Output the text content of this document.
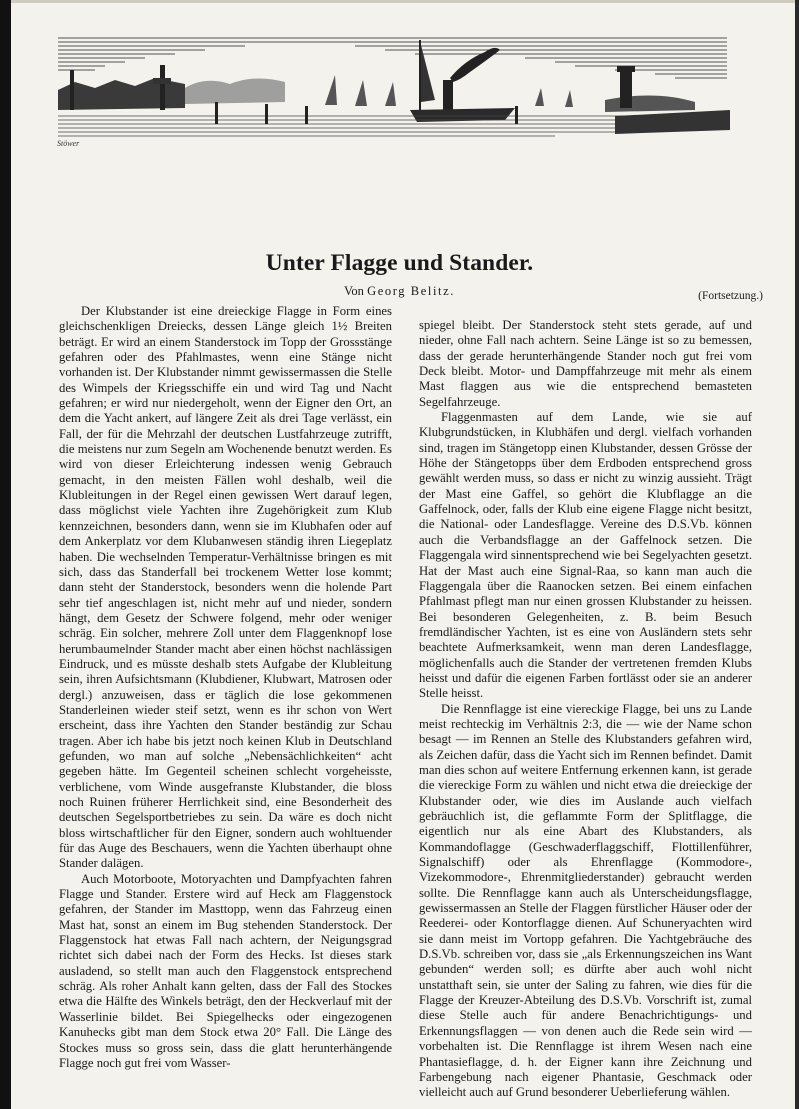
Stöwer
Unter Flagge und Stander.

Von Georg Belitz.	(Fortsetzung.)

Der Klubstander ist eine dreieckige Flagge in Form eines gleichschenkligen Dreiecks, dessen Länge gleich 1½ Breiten beträgt. Er wird an einem Standerstock im Topp der Grossstänge gefahren oder des Pfahlmastes, wenn eine Stänge nicht vorhanden ist. Der Klubstander nimmt gewissermassen die Stelle des Wimpels der Kriegsschiffe ein und wird Tag und Nacht gefahren; er wird nur niedergeholt, wenn der Eigner den Ort, an dem die Yacht ankert, auf längere Zeit als drei Tage verlässt, ein Fall, der für die Mehrzahl der deutschen Lustfahrzeuge zutrifft, die meistens nur zum Segeln am Wochenende benutzt werden. Es wird von dieser Erleichterung indessen wenig Gebrauch gemacht, in den meisten Fällen wohl deshalb, weil die Klubleitungen in der Regel einen gewissen Wert darauf legen, dass möglichst viele Yachten ihre Zugehörigkeit zum Klub kennzeichnen, besonders dann, wenn sie im Klubhafen oder auf dem Ankerplatz vor dem Klubanwesen ständig ihren Liegeplatz haben. Die wechselnden Temperatur-Verhältnisse bringen es mit sich, dass das Standerfall bei trockenem Wetter lose kommt; dann steht der Standerstock, besonders wenn die holende Part sehr tief angeschlagen ist, nicht mehr auf und nieder, sondern hängt, dem Gesetz der Schwere folgend, mehr oder weniger schräg. Ein solcher, mehrere Zoll unter dem Flaggenknopf lose herumbaumelnder Stander macht aber einen höchst nachlässigen Eindruck, und es müsste deshalb stets Aufgabe der Klubleitung sein, ihren Aufsichtsmann (Klubdiener, Klubwart, Matrosen oder dergl.) anzuweisen, dass er täglich die lose gekommenen Standerleinen wieder steif setzt, wenn es ihr schon von Wert erscheint, dass ihre Yachten den Stander beständig zur Schau tragen. Aber ich habe bis jetzt noch keinen Klub in Deutschland gefunden, wo man auf solche „Nebensächlichkeiten“ acht gegeben hätte. Im Gegenteil scheinen schlecht vorgeheisste, verblichene, vom Winde ausgefranste Klubstander, die bloss noch Ruinen früherer Herrlichkeit sind, eine Besonderheit des deutschen Segelsportbetriebes zu sein. Da wäre es doch nicht bloss wirtschaftlicher für den Eigner, sondern auch wohltuender für das Auge des Beschauers, wenn die Yachten überhaupt ohne Stander dalägen.

Auch Motorboote, Motoryachten und Dampfyachten fahren Flagge und Stander. Erstere wird auf Heck am Flaggenstock gefahren, der Stander im Masttopp, wenn das Fahrzeug einen Mast hat, sonst an einem im Bug stehenden Standerstock. Der Flaggenstock hat etwas Fall nach achtern, der Neigungsgrad richtet sich dabei nach der Form des Hecks. Ist dieses stark ausladend, so stellt man auch den Flaggenstock entsprechend schräg. Als roher Anhalt kann gelten, dass der Fall des Stockes etwa die Hälfte des Winkels beträgt, den der Heckverlauf mit der Wasserlinie bildet. Bei Spiegelhecks oder eingezogenen Kanuhecks gibt man dem Stock etwa 20° Fall. Die Länge des Stockes muss so gross sein, dass die glatt herunterhängende Flagge noch gut frei vom Wasser-

spiegel bleibt. Der Standerstock steht stets gerade, auf und nieder, ohne Fall nach achtern. Seine Länge ist so zu bemessen, dass der gerade herunterhängende Stander noch gut frei vom Deck bleibt. Motor- und Dampffahrzeuge mit mehr als einem Mast flaggen aus wie die entsprechend bemasteten Segelfahrzeuge.

Flaggenmasten auf dem Lande, wie sie auf Klubgrundstücken, in Klubhäfen und dergl. vielfach vorhanden sind, tragen im Stängetopp einen Klubstander, dessen Grösse der Höhe der Stängetopps über dem Erdboden entsprechend gross gewählt werden muss, so dass er nicht zu winzig aussieht. Trägt der Mast eine Gaffel, so gehört die Klubflagge an die Gaffelnock, oder, falls der Klub eine eigene Flagge nicht besitzt, die National- oder Landesflagge. Vereine des D.S.Vb. können auch die Verbandsflagge an der Gaffelnock setzen. Die Flaggengala wird sinnentsprechend wie bei Segelyachten gesetzt. Hat der Mast auch eine Signal-Raa, so kann man auch die Flaggengala über die Raanocken setzen. Bei einem einfachen Pfahlmast pflegt man nur einen grossen Klubstander zu heissen. Bei besonderen Gelegenheiten, z. B. beim Besuch fremdländischer Yachten, ist es eine von Ausländern stets sehr beachtete Aufmerksamkeit, wenn man deren Landesflagge, möglichenfalls auch die Stander der vertretenen fremden Klubs heisst und dafür die eigenen Farben fortlässt oder sie an anderer Stelle heisst.

Die Rennflagge ist eine viereckige Flagge, bei uns zu Lande meist rechteckig im Verhältnis 2:3, die — wie der Name schon besagt — im Rennen an Stelle des Klubstanders gefahren wird, als Zeichen dafür, dass die Yacht sich im Rennen befindet. Damit man dies schon auf weitere Entfernung erkennen kann, ist gerade die viereckige Form zu wählen und nicht etwa die dreieckige der Klubstander oder, wie dies im Auslande auch vielfach gebräuchlich ist, die geflammte Form der Splitflagge, die eigentlich nur als eine Abart des Klubstanders, als Kommandoflagge (Geschwaderflaggschiff, Flottillenführer, Signalschiff) oder als Ehrenflagge (Kommodore-, Vizekommodore-, Ehrenmitgliederstander) gebraucht werden sollte. Die Rennflagge kann auch als Unterscheidungsflagge, gewissermassen an Stelle der Flaggen fürstlicher Häuser oder der Reederei- oder Kontorflagge dienen. Auf Schuneryachten wird sie dann meist im Vortopp gefahren. Die Yachtgebräuche des D.S.Vb. schreiben vor, dass sie „als Erkennungszeichen ins Want gebunden“ werden soll; es dürfte aber auch wohl nicht unstatthaft sein, sie unter der Saling zu fahren, wie dies für die Flagge der Kreuzer-Abteilung des D.S.Vb. Vorschrift ist, zumal diese Stelle auch für andere Benachrichtigungs- und Erkennungsflaggen — von denen auch die Rede sein wird — vorbehalten ist. Die Rennflagge ist ihrem Wesen nach eine Phantasieflagge, d. h. der Eigner kann ihre Zeichnung und Farbengebung nach eigener Phantasie, Geschmack oder vielleicht auch auf Grund besonderer Ueberlieferung wählen.
